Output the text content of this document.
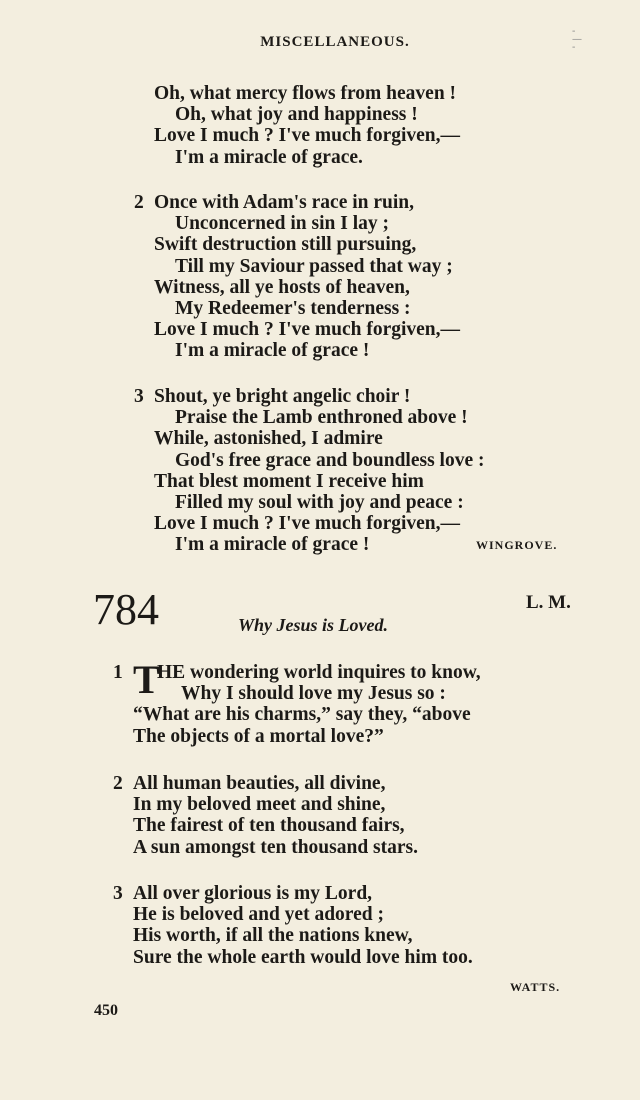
MISCELLANEOUS.
-
—
-
Oh, what mercy flows from heaven !
Oh, what joy and happiness !
Love I much ? I've much forgiven,—
I'm a miracle of grace.
2 Once with Adam's race in ruin,
Unconcerned in sin I lay ;
Swift destruction still pursuing,
Till my Saviour passed that way ;
Witness, all ye hosts of heaven,
My Redeemer's tenderness :
Love I much ? I've much forgiven,—
I'm a miracle of grace !
3 Shout, ye bright angelic choir !
Praise the Lamb enthroned above !
While, astonished, I admire
God's free grace and boundless love :
That blest moment I receive him
Filled my soul with joy and peace :
Love I much ? I've much forgiven,—
I'm a miracle of grace !	WINGROVE.
784	L. M.
Why Jesus is Loved.
1 T
HE wondering world inquires to know,
Why I should love my Jesus so :
“What are his charms,” say they, “above
The objects of a mortal love?”
2 All human beauties, all divine,
In my beloved meet and shine,
The fairest of ten thousand fairs,
A sun amongst ten thousand stars.
3 All over glorious is my Lord,
He is beloved and yet adored ;
His worth, if all the nations knew,
Sure the whole earth would love him too.
WATTS.
450
